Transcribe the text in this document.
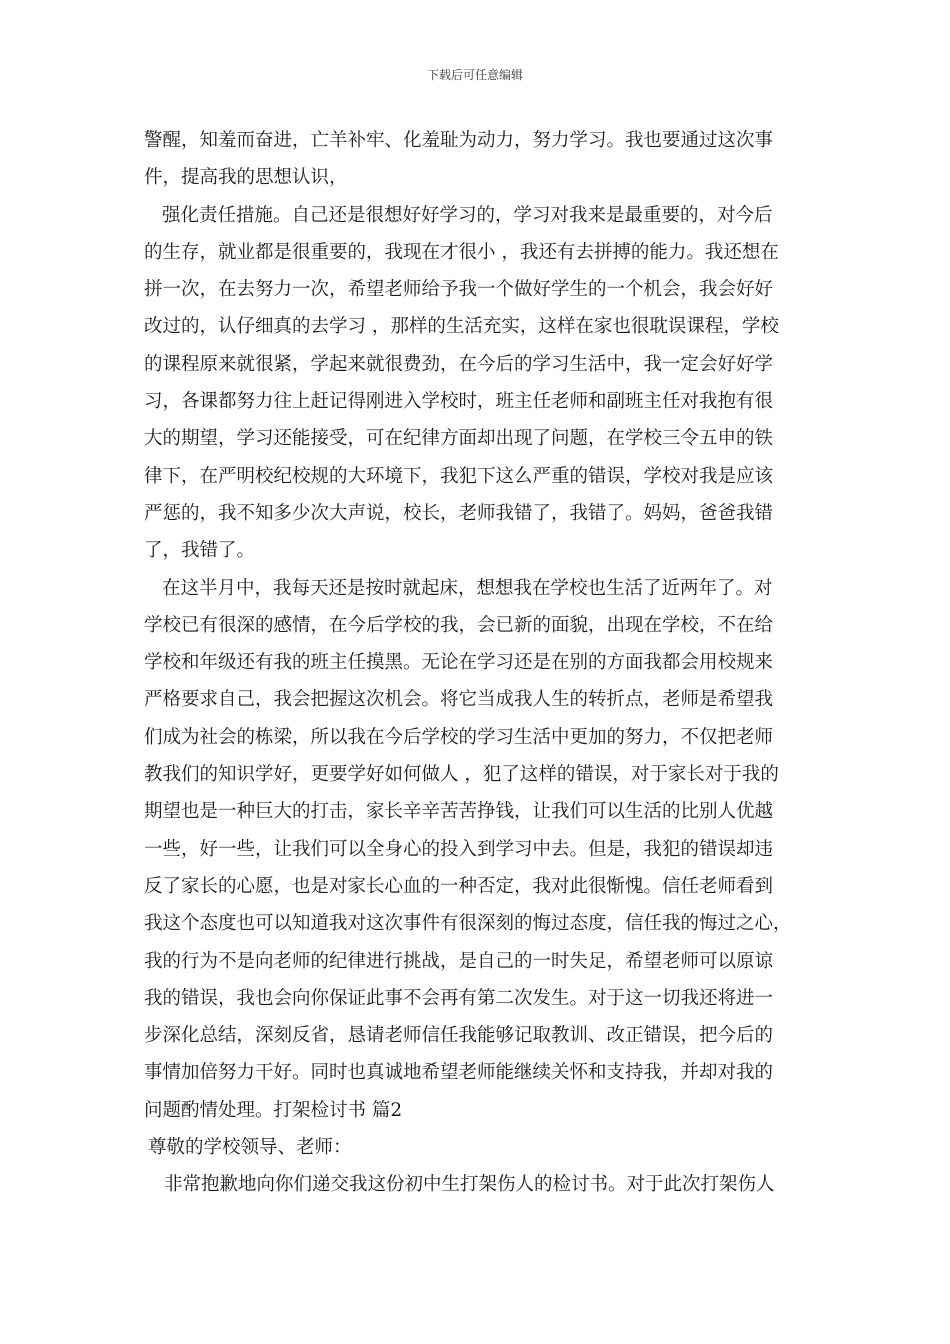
下载后可任意编辑
警醒，知羞而奋进，亡羊补牢、化羞耻为动力，努力学习。我也要通过这次事
件，提高我的思想认识，
强化责任措施。自己还是很想好好学习的，学习对我来是最重要的，对今后
的生存，就业都是很重要的，我现在才很小 ，我还有去拼搏的能力。我还想在
拼一次，在去努力一次，希望老师给予我一个做好学生的一个机会，我会好好
改过的，认仔细真的去学习 ，那样的生活充实，这样在家也很耽误课程，学校
的课程原来就很紧，学起来就很费劲，在今后的学习生活中，我一定会好好学
习，各课都努力往上赶记得刚进入学校时，班主任老师和副班主任对我抱有很
大的期望，学习还能接受，可在纪律方面却出现了问题，在学校三令五申的铁
律下，在严明校纪校规的大环境下，我犯下这么严重的错误，学校对我是应该
严惩的，我不知多少次大声说，校长，老师我错了，我错了。妈妈，爸爸我错
了，我错了。
在这半月中，我每天还是按时就起床，想想我在学校也生活了近两年了。对
学校已有很深的感情，在今后学校的我，会已新的面貌，出现在学校，不在给
学校和年级还有我的班主任摸黑。无论在学习还是在别的方面我都会用校规来
严格要求自己，我会把握这次机会。将它当成我人生的转折点，老师是希望我
们成为社会的栋梁，所以我在今后学校的学习生活中更加的努力，不仅把老师
教我们的知识学好，更要学好如何做人 ，犯了这样的错误，对于家长对于我的
期望也是一种巨大的打击，家长辛辛苦苦挣钱，让我们可以生活的比别人优越
一些，好一些，让我们可以全身心的投入到学习中去。但是，我犯的错误却违
反了家长的心愿，也是对家长心血的一种否定，我对此很惭愧。信任老师看到
我这个态度也可以知道我对这次事件有很深刻的悔过态度，信任我的悔过之心，
我的行为不是向老师的纪律进行挑战，是自己的一时失足，希望老师可以原谅
我的错误，我也会向你保证此事不会再有第二次发生。对于这一切我还将进一
步深化总结，深刻反省，恳请老师信任我能够记取教训、改正错误，把今后的
事情加倍努力干好。同时也真诚地希望老师能继续关怀和支持我，并却对我的
问题酌情处理。打架检讨书 篇2
尊敬的学校领导、老师：
非常抱歉地向你们递交我这份初中生打架伤人的检讨书。对于此次打架伤人
